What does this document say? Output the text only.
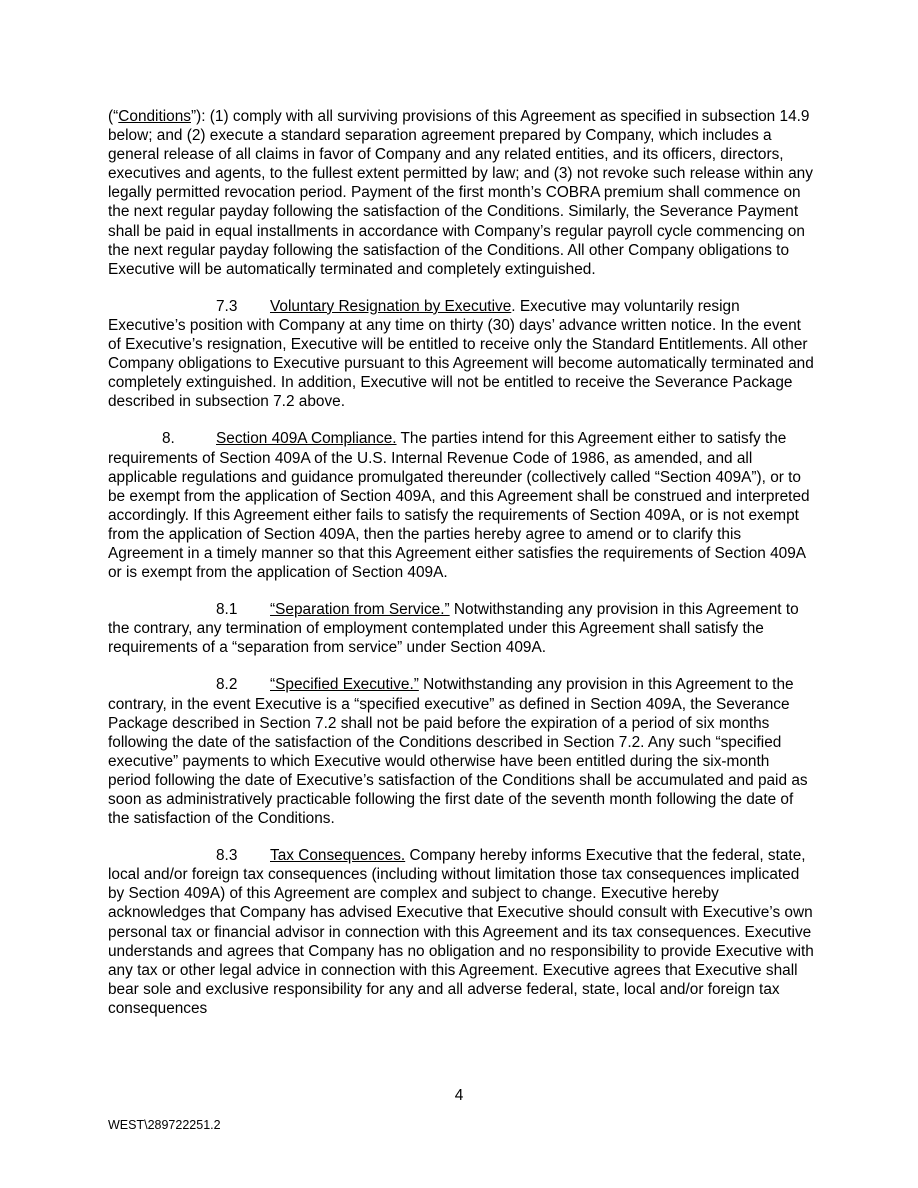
(“Conditions”): (1) comply with all surviving provisions of this Agreement as specified in subsection 14.9 below; and (2) execute a standard separation agreement prepared by Company, which includes a general release of all claims in favor of Company and any related entities, and its officers, directors, executives and agents, to the fullest extent permitted by law; and (3) not revoke such release within any legally permitted revocation period. Payment of the first month’s COBRA premium shall commence on the next regular payday following the satisfaction of the Conditions. Similarly, the Severance Payment shall be paid in equal installments in accordance with Company’s regular payroll cycle commencing on the next regular payday following the satisfaction of the Conditions. All other Company obligations to Executive will be automatically terminated and completely extinguished.

7.3 Voluntary Resignation by Executive. Executive may voluntarily resign Executive’s position with Company at any time on thirty (30) days’ advance written notice. In the event of Executive’s resignation, Executive will be entitled to receive only the Standard Entitlements. All other Company obligations to Executive pursuant to this Agreement will become automatically terminated and completely extinguished. In addition, Executive will not be entitled to receive the Severance Package described in subsection 7.2 above.

8.	Section 409A Compliance. The parties intend for this Agreement either to satisfy the requirements of Section 409A of the U.S. Internal Revenue Code of 1986, as amended, and all applicable regulations and guidance promulgated thereunder (collectively called “Section 409A”), or to be exempt from the application of Section 409A, and this Agreement shall be construed and interpreted accordingly. If this Agreement either fails to satisfy the requirements of Section 409A, or is not exempt from the application of Section 409A, then the parties hereby agree to amend or to clarify this Agreement in a timely manner so that this Agreement either satisfies the requirements of Section 409A or is exempt from the application of Section 409A.

8.1 “Separation from Service.” Notwithstanding any provision in this Agreement to the contrary, any termination of employment contemplated under this Agreement shall satisfy the requirements of a “separation from service” under Section 409A.

8.2 “Specified Executive.” Notwithstanding any provision in this Agreement to the contrary, in the event Executive is a “specified executive” as defined in Section 409A, the Severance Package described in Section 7.2 shall not be paid before the expiration of a period of six months following the date of the satisfaction of the Conditions described in Section 7.2. Any such “specified executive” payments to which Executive would otherwise have been entitled during the six-month period following the date of Executive’s satisfaction of the Conditions shall be accumulated and paid as soon as administratively practicable following the first date of the seventh month following the date of the satisfaction of the Conditions.

8.3 Tax Consequences. Company hereby informs Executive that the federal, state, local and/or foreign tax consequences (including without limitation those tax consequences implicated by Section 409A) of this Agreement are complex and subject to change. Executive hereby acknowledges that Company has advised Executive that Executive should consult with Executive’s own personal tax or financial advisor in connection with this Agreement and its tax consequences. Executive understands and agrees that Company has no obligation and no responsibility to provide Executive with any tax or other legal advice in connection with this Agreement. Executive agrees that Executive shall bear sole and exclusive responsibility for any and all adverse federal, state, local and/or foreign tax consequences

4
WEST\289722251.2
